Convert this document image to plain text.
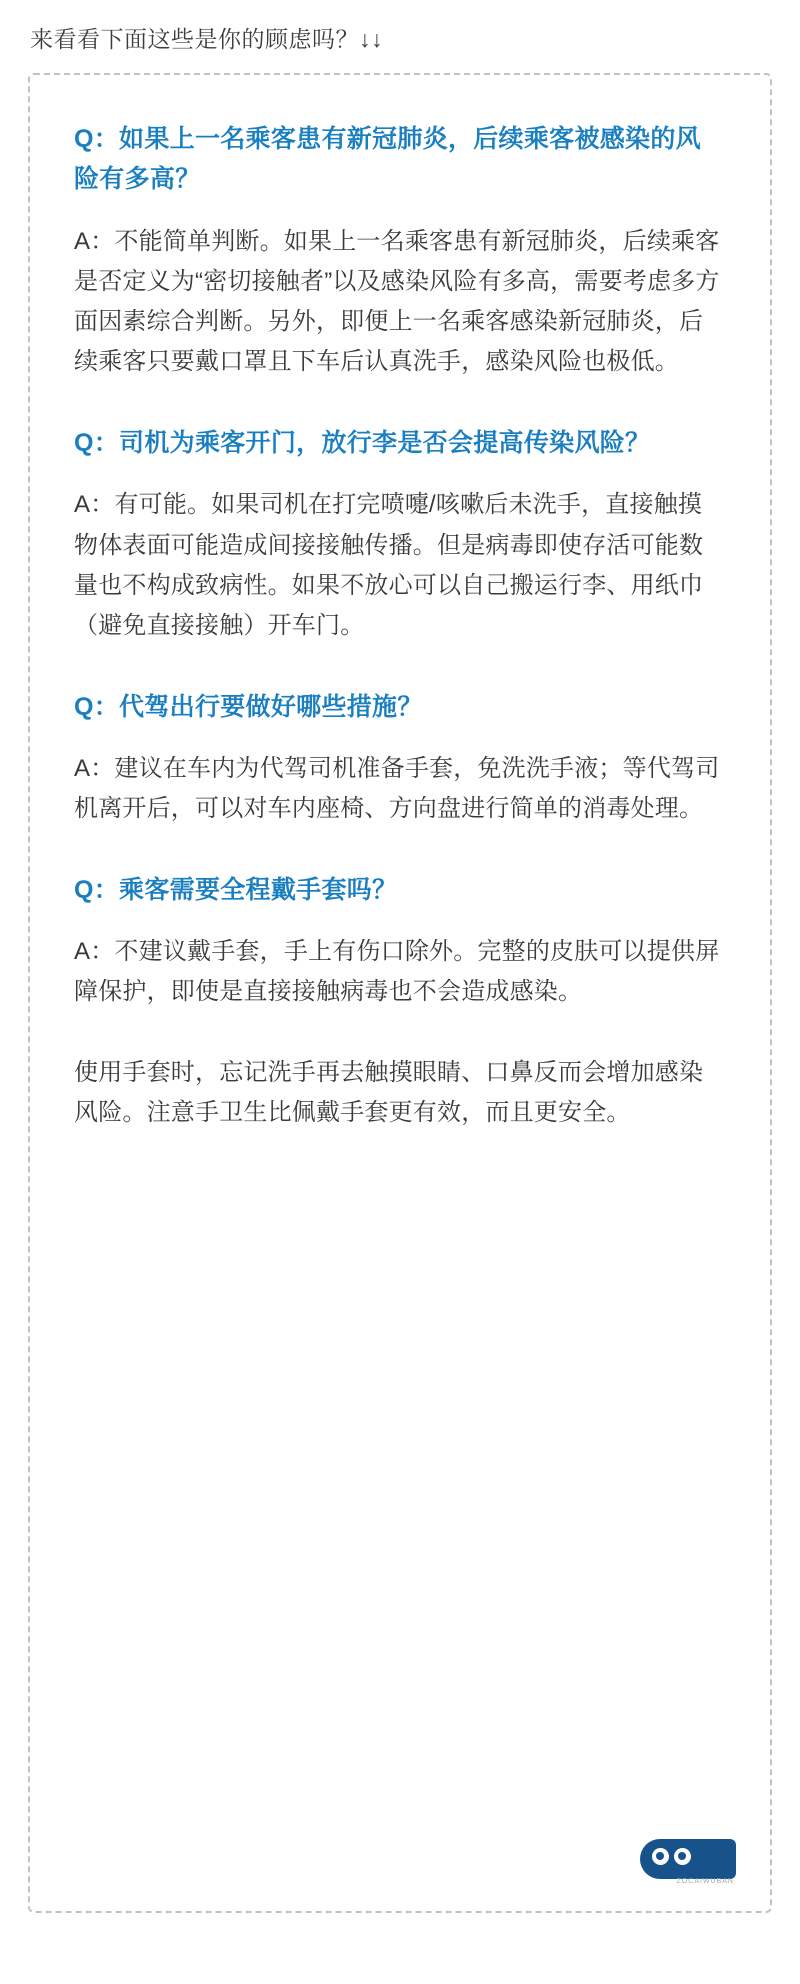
来看看下面这些是你的顾虑吗？↓↓

Q：如果上一名乘客患有新冠肺炎，后续乘客被感染的风险有多高？

A：不能简单判断。如果上一名乘客患有新冠肺炎，后续乘客是否定义为“密切接触者”以及感染风险有多高，需要考虑多方面因素综合判断。另外，即便上一名乘客感染新冠肺炎，后续乘客只要戴口罩且下车后认真洗手，感染风险也极低。

Q：司机为乘客开门，放行李是否会提高传染风险？

A：有可能。如果司机在打完喷嚏/咳嗽后未洗手，直接触摸物体表面可能造成间接接触传播。但是病毒即使存活可能数量也不构成致病性。如果不放心可以自己搬运行李、用纸巾（避免直接接触）开车门。

Q：代驾出行要做好哪些措施？

A：建议在车内为代驾司机准备手套，免洗洗手液；等代驾司机离开后，可以对车内座椅、方向盘进行简单的消毒处理。

Q：乘客需要全程戴手套吗？

A：不建议戴手套，手上有伤口除外。完整的皮肤可以提供屏障保护，即使是直接接触病毒也不会造成感染。

使用手套时，忘记洗手再去触摸眼睛、口鼻反而会增加感染风险。注意手卫生比佩戴手套更有效，而且更安全。

ZOCAIWUBAN
